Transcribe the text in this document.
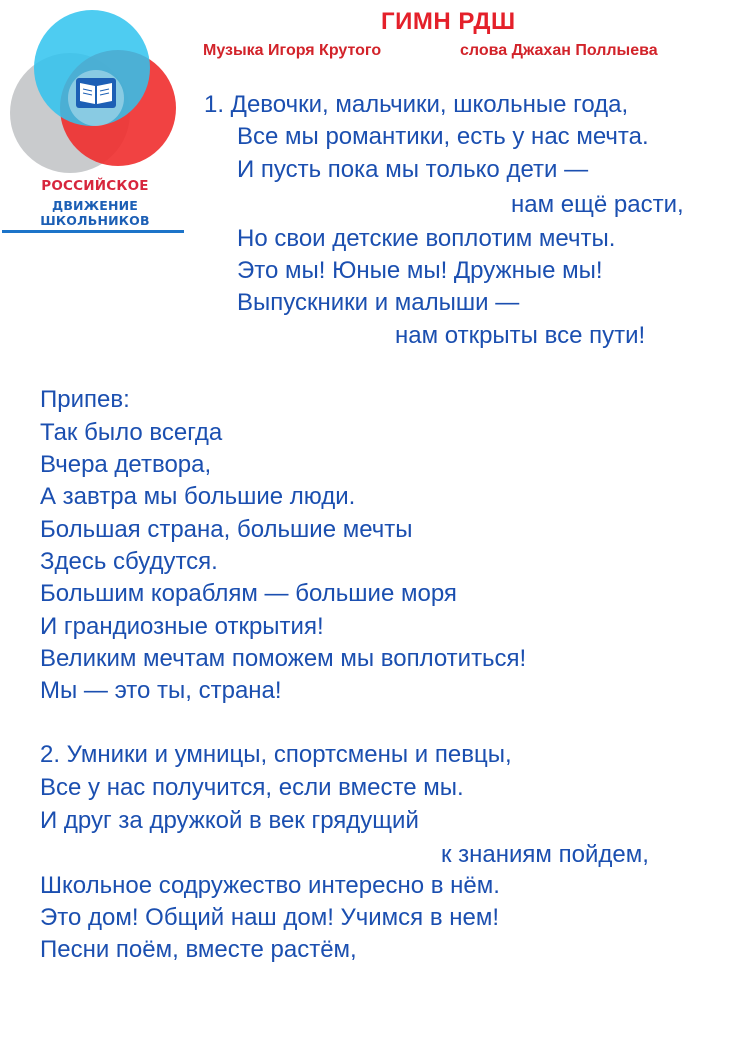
РОССИЙСКОЕ
ДВИЖЕНИЕ ШКОЛЬНИКОВ
ГИМН РДШ
Музыка Игоря Крутого	слова Джахан Поллыева
1. Девочки, мальчики, школьные года,
Все мы романтики, есть у нас мечта.
И пусть пока мы только дети —
нам ещё расти,
Но свои детские воплотим мечты.
Это мы! Юные мы! Дружные мы!
Выпускники и малыши —
нам открыты все пути!
Припев:
Так было всегда
Вчера детвора,
А завтра мы большие люди.
Большая страна, большие мечты
Здесь сбудутся.
Большим кораблям — большие моря
И грандиозные открытия!
Великим мечтам поможем мы воплотиться!
Мы — это ты, страна!
2. Умники и умницы, спортсмены и певцы,
Все у нас получится, если вместе мы.
И друг за дружкой в век грядущий
к знаниям пойдем,
Школьное содружество интересно в нём.
Это дом! Общий наш дом! Учимся в нем!
Песни поём, вместе растём,
